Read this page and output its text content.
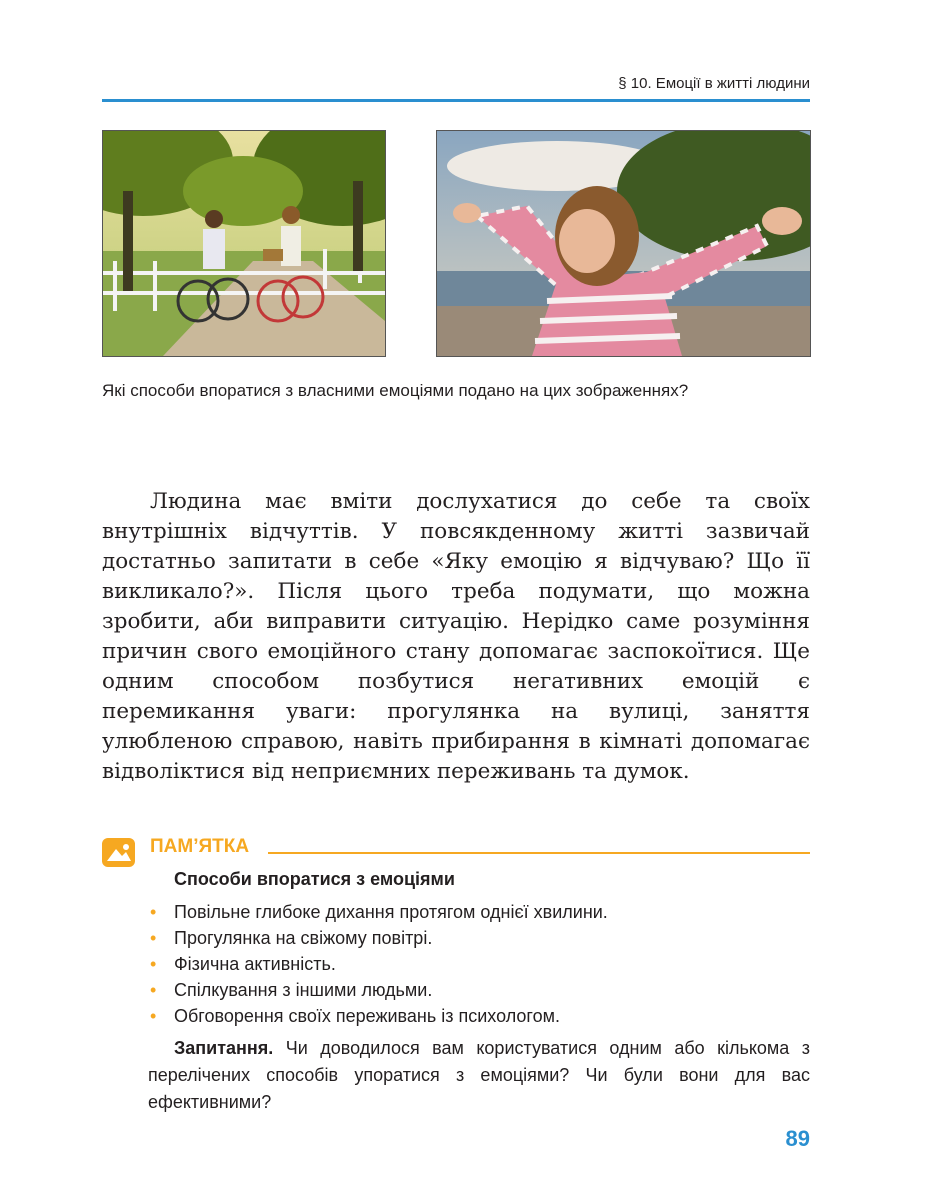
§ 10. Емоції в житті людини
Які способи впоратися з власними емоціями подано на цих зображеннях?

Людина має вміти дослухатися до себе та своїх внутрішніх відчуттів. У повсякденному житті зазвичай достатньо запитати в себе «Яку емоцію я відчуваю? Що її викликало?». Після цього треба подумати, що можна зробити, аби виправити ситуацію. Нерідко саме розуміння причин свого емоційного стану допомагає заспокоїтися. Ще одним способом позбутися негативних емоцій є перемикання уваги: прогулянка на вулиці, заняття улюбленою справою, навіть прибирання в кімнаті допомагає відволіктися від неприємних переживань та думок.

ПАМ’ЯТКА
Способи впоратися з емоціями
• Повільне глибоке дихання протягом однієї хвилини.
• Прогулянка на свіжому повітрі.
• Фізична активність.
• Спілкування з іншими людьми.
• Обговорення своїх переживань із психологом.

Запитання. Чи доводилося вам користуватися одним або кількома з перелічених способів упоратися з емоціями? Чи були вони для вас ефективними?

89
